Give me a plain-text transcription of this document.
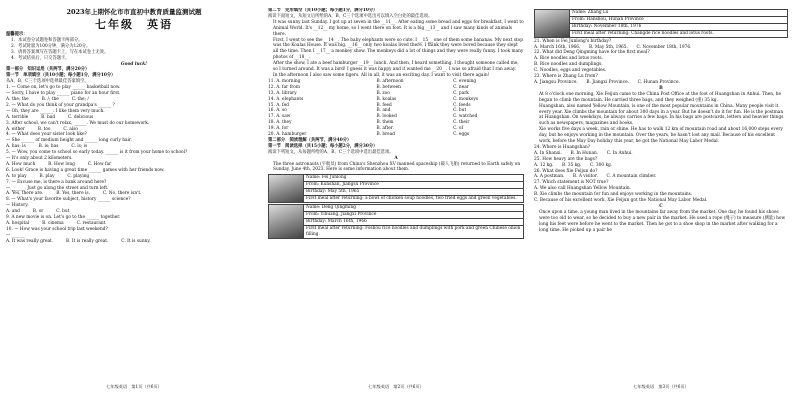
2023年上期怀化市市直初中教育质量监测试题
七年级　英语

温馨提示：

1．本试卷分试题卷和答题卡两部分。

2．考试时量为100分钟，满分为120分。

3．请将答案填写在答题卡上，写在本试卷上无效。

4．考试结束后，只交答题卡。

Good luck!

第一部分　知识运用（共两节，满分20分）

第一节　单项填空（共10小题；每小题1分，满分10分）

从A、B、C三个选项中选择最佳答案填空。

1. — Come on, let's go to play ______ basketball now.

— Sorry, I have to play ______ piano for an hour first.

A. the; the　　　B. /; the　　　C. the; /

2. — What do you think of your grandpa's ______ ?

— Oh, they are ______. I like them very much.

A. terrible　　　B. bad　　　C. delicious

3. After school, we can't relax, ______. We must do our homework.

A. either　　　B. too　　　C. also

4. — What does your sister look like?

— She ______ of medium height and ______ long curly hair.

A. has; is　　　B. is; has　　　C. is; is

5. — Wow, you come to school so early today. ______ is it from your home to school?

— It's only about 2 kilometers.

A. How much　　　B. How long　　　C. How far

6. Look! Grace is having a great time ______ games with her friends now.

A. to play　　　B. play　　　C. playing

7. — Excuse me, is there a bank around here?

— ______. Just go along the street and turn left.

A. Yes, there are.　　　B. Yes, there is.　　　C. No, there isn't.

8. — What's your favorite subject, history ______ science?

— History.

A. and　　　B. or　　　C. but

9. A new movie is on. Let's go to the ______ together.

A. hospital　　　B. cinema　　　C. restaurant

10. — How was your school trip last weekend?

— ______

A. It was really great.　　　B. It is really great.　　　C. It is sunny.

七年级英语　第1页（共6页）

第二节　完形填空（共10小题；每小题1分，满分10分）

阅读下面短文，从短文后所给的A、B、C三个选项中选出可以填入空白处的最佳选项。

It was sunny last Sunday. I got up at seven in the __11__. After eating some bread and eggs for breakfast, I went to Animal World. It's __12__ my home, so I went there on foot. It is a big __13__ and I saw many kinds of animals there.

First, I went to see the __14__. The baby elephants were so cute. I __15__ one of them some bananas. My next stop was the Koalas House. It was big. __16__ only two koalas lived there. I think they were bored because they slept all the time. Then I __17__ a monkey show. The monkeys did a lot of things and they were really funny. I took many photos of __18__.

After the show, I ate a beef hamburger __19__ lunch. And then, I heard something. I thought someone called me, so I turned around. It was a bird! I guess it was happy and it wanted me __20__. I was so afraid that I ran away.

In the afternoon I also saw some tigers. All in all, it was an exciting day. I want to visit there again!

11. A. morning	B. afternoon	C. evening
12. A. far from	B. between	C. near
13. A. library	B. zoo	C. park
14. A. elephants	B. koalas	C. monkeys
15. A. fed	B. feed	C. feeds
16. A. so	B. and	C. but
17. A. saw	B. looked	C. watched
18. A. they	B. them	C. their
19. A. for	B. after	C. of
20. A. hamburger	B. bread	C. eggs

第二部分　阅读理解（共两节，满分40分）

第一节　阅读选择（共15小题；每小题2分，满分30分）

阅读下列短文，从每题所给的A、B、C三个选项中选出最佳选项。

A

The three astronauts (宇航员) from China's Shenzhou XV manned spaceship (载人飞船) returned to Earth safely on Sunday, June 4th, 2023. Here is some information about them.

Name: Fei Junlong

From: Kunshan, Jiangsu Province

Birthday: May 5th, 1965

First meal after returning: a bowl of chicken soup noodles, two fried eggs and green vegetables.

Name: Deng Qingming

From: Yihuang, Jiangxi Province

Birthday: March 16th, 1966

First meal after returning: Foshou rice noodles and dumplings with pork and green Chinese onion filling.

七年级英语　第2页（共6页）

Name: Zhang Lu

From: Hanshou, Hunan Province

Birthday: November 18th, 1976

First meal after returning: Changde rice noodles and lotus roots.

21. When is Fei Junlong's birthday?

A. March 16th, 1966.　　B. May 5th, 1965.　　C. November 18th, 1976.

22. What did Deng Qingming have for the first meal?

A. Rice noodles and lotus roots.

B. Rice noodles and dumplings.

C. Noodles, eggs and vegetables.

23. Where is Zhang Lu from?

A. Jiangsu Province.　　B. Jiangxi Province.　　C. Hunan Province.

B

At 8 o'clock one morning, Xie Feijun came to the China Post Office at the foot of Huangshan in Anhui. Then, he began to climb the mountain. He carried three bags, and they weighed (重) 35 kg.

Huangshan, also named Yellow Mountain, is one of the most popular mountains in China. Many people visit it every year. Xie climbs the mountain for about 300 days in a year. But he doesn't do it for fun. He is the postman at Huangshan. On weekdays, he always carries a few bags. In his bags are postcards, letters and heavier things such as newspapers, magazines and books.

Xie works five days a week, rain or shine. He has to walk 12 km of mountain road and about 16,000 steps every day, but he enjoys working in the mountain. Over the years, he hasn't lost any mail. Because of his excellent work, before the May Day holiday this year, he got the National May Labor Medal.

24. Where is Huangshan?

A. In Shanxi.　　B. In Hunan.　　C. In Anhui.

25. How heavy are the bags?

A. 12 kg.　　B. 35 kg.　　C. 300 kg.

26. What does Xie Feijun do?

A. A postman.　　B. A visitor.　　C. A mountain climber.

27. Which statement is NOT true?

A. We also call Huangshan Yellow Mountain.

B. Xie climbs the mountain for fun and enjoys working in the mountains.

C. Because of his excellent work, Xie Feijun got the National May Labor Medal.

C

Once upon a time, a young man lived in the mountains far away from the market. One day, he found his shoes were too old to wear, so he decided to buy a new pair in the market. He used a rope (绳子) to measure (测量) how long his feet were before he went to the market. Then he got to a shoe shop in the market after walking for a long time. He picked up a pair he

七年级英语　第3页（共6页）
